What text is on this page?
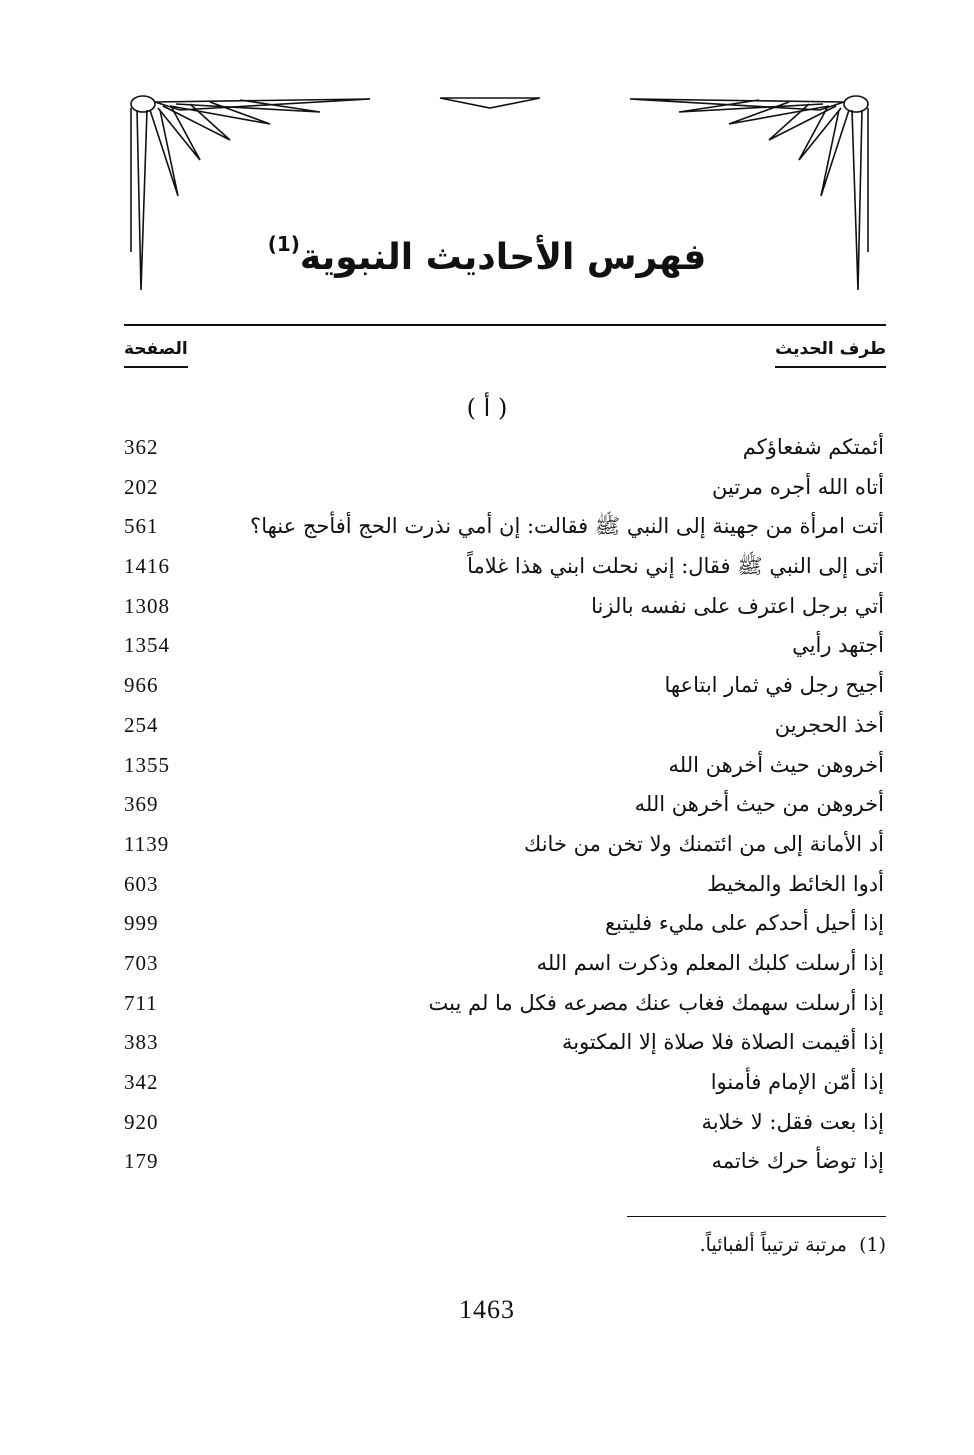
فهرس الأحاديث النبوية$^{(1)}$
طرف الحديث
الصفحة
( أ )
أئمتكم شفعاؤكم
362
أتاه الله أجره مرتين
202
أتت امرأة من جهينة إلى النبي ﷺ فقالت: إن أمي نذرت الحج أفأحج عنها؟
561
أتى إلى النبي ﷺ فقال: إني نحلت ابني هذا غلاماً
1416
أتي برجل اعترف على نفسه بالزنا
1308
أجتهد رأيي
1354
أجيح رجل في ثمار ابتاعها
966
أخذ الحجرين
254
أخروهن حيث أخرهن الله
1355
أخروهن من حيث أخرهن الله
369
أد الأمانة إلى من ائتمنك ولا تخن من خانك
1139
أدوا الخائط والمخيط
603
إذا أحيل أحدكم على مليء فليتبع
999
إذا أرسلت كلبك المعلم وذكرت اسم الله
703
إذا أرسلت سهمك فغاب عنك مصرعه فكل ما لم يبت
711
إذا أقيمت الصلاة فلا صلاة إلا المكتوبة
383
إذا أمّن الإمام فأمنوا
342
إذا بعت فقل: لا خلابة
920
إذا توضأ حرك خاتمه
179
(1)  مرتبة ترتيباً ألفبائياً.
1463
